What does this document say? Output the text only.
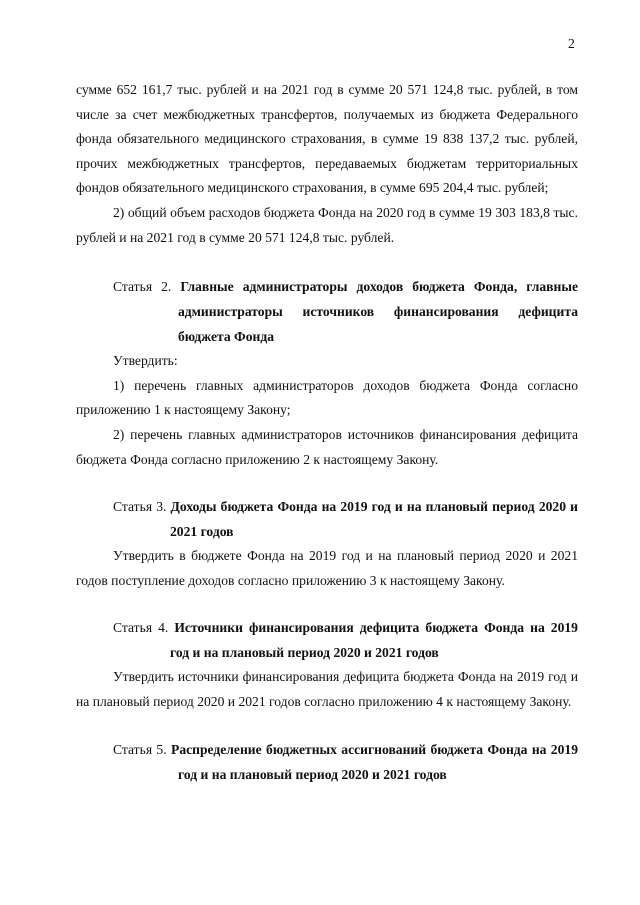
2

сумме 652 161,7 тыс. рублей и на 2021 год в сумме 20 571 124,8 тыс. рублей, в том числе за счет межбюджетных трансфертов, получаемых из бюджета Федерального фонда обязательного медицинского страхования, в сумме 19 838 137,2 тыс. рублей, прочих межбюджетных трансфертов, передаваемых бюджетам территориальных фондов обязательного медицинского страхования, в сумме 695 204,4 тыс. рублей;

2) общий объем расходов бюджета Фонда на 2020 год в сумме 19 303 183,8 тыс. рублей и на 2021 год в сумме 20 571 124,8 тыс. рублей.

Статья 2. Главные администраторы доходов бюджета Фонда, главные администраторы источников финансирования дефицита бюджета Фонда

Утвердить:

1) перечень главных администраторов доходов бюджета Фонда согласно приложению 1 к настоящему Закону;

2) перечень главных администраторов источников финансирования дефицита бюджета Фонда согласно приложению 2 к настоящему Закону.

Статья 3. Доходы бюджета Фонда на 2019 год и на плановый период 2020 и 2021 годов

Утвердить в бюджете Фонда на 2019 год и на плановый период 2020 и 2021 годов поступление доходов согласно приложению 3 к настоящему Закону.

Статья 4. Источники финансирования дефицита бюджета Фонда на 2019 год и на плановый период 2020 и 2021 годов

Утвердить источники финансирования дефицита бюджета Фонда на 2019 год и на плановый период 2020 и 2021 годов согласно приложению 4 к настоящему Закону.

Статья 5. Распределение бюджетных ассигнований бюджета Фонда на 2019 год и на плановый период 2020 и 2021 годов
